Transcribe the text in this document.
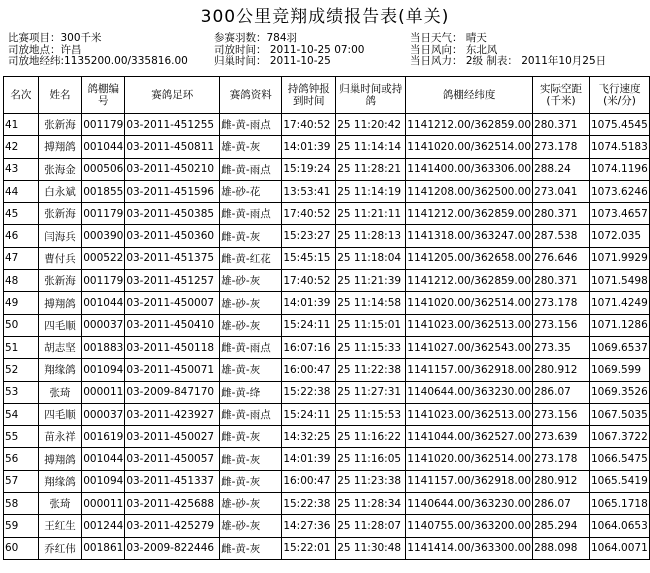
300公里竞翔成绩报告表(单关)
比赛项目：300千米
司放地点：许昌
司放地经纬:1135200.00/335816.00
参赛羽数：784羽
司放时间： 2011-10-25 07:00
归巢时间： 2011-10-25
当日天气： 晴天
当日风向： 东北风
当日风力： 2级 制表： 2011年10月25日
名次	姓名	鸽棚编号	赛鸽足环	赛鸽资料	持鸽钟报到时间	归巢时间或持鸽	鸽棚经纬度	实际空距(千米)	飞行速度(米/分)
41	张新海	001179	03-2011-451255	雌-黄-雨点	17:40:52	25 11:20:42	1141212.00/362859.00	280.371	1075.4545
42	搏翔鸽	001044	03-2011-450811	雄-黄-灰	14:01:39	25 11:14:14	1141020.00/362514.00	273.178	1074.5183
43	张海金	000506	03-2011-450210	雌-黄-雨点	15:19:24	25 11:28:21	1141400.00/363306.00	288.24	1074.1196
44	白永斌	001855	03-2011-451596	雄-砂-花	13:53:41	25 11:14:19	1141208.00/362500.00	273.041	1073.6246
45	张新海	001179	03-2011-450385	雌-黄-雨点	17:40:52	25 11:21:11	1141212.00/362859.00	280.371	1073.4657
46	闫海兵	000390	03-2011-450360	雌-黄-灰	15:23:27	25 11:28:13	1141318.00/363247.00	287.538	1072.035
47	曹付兵	000522	03-2011-451375	雌-黄-红花	15:45:15	25 11:18:04	1141205.00/362658.00	276.646	1071.9929
48	张新海	001179	03-2011-451257	雄-砂-灰	17:40:52	25 11:21:39	1141212.00/362859.00	280.371	1071.5498
49	搏翔鸽	001044	03-2011-450007	雄-砂-灰	14:01:39	25 11:14:58	1141020.00/362514.00	273.178	1071.4249
50	四毛顺	000037	03-2011-450410	雄-砂-灰	15:24:11	25 11:15:01	1141023.00/362513.00	273.156	1071.1286
51	胡志坚	001883	03-2011-450118	雌-黄-雨点	16:07:16	25 11:15:33	1141027.00/362543.00	273.35	1069.6537
52	翔缘鸽	001094	03-2011-450071	雄-黄-灰	16:00:47	25 11:22:38	1141157.00/362918.00	280.912	1069.599
53	张琦	000011	03-2009-847170	雌-黄-绛	15:22:38	25 11:27:31	1140644.00/363230.00	286.07	1069.3526
54	四毛顺	000037	03-2011-423927	雌-黄-雨点	15:24:11	25 11:15:53	1141023.00/362513.00	273.156	1067.5035
55	苗永祥	001619	03-2011-450027	雌-黄-灰	14:32:25	25 11:16:22	1141044.00/362527.00	273.639	1067.3722
56	搏翔鸽	001044	03-2011-450057	雌-黄-灰	14:01:39	25 11:16:05	1141020.00/362514.00	273.178	1066.5475
57	翔缘鸽	001094	03-2011-451337	雌-黄-灰	16:00:47	25 11:23:38	1141157.00/362918.00	280.912	1065.5419
58	张琦	000011	03-2011-425688	雄-砂-灰	15:22:38	25 11:28:34	1140644.00/363230.00	286.07	1065.1718
59	王红生	001244	03-2011-425279	雄-砂-灰	14:27:36	25 11:28:07	1140755.00/363200.00	285.294	1064.0653
60	乔红伟	001861	03-2009-822446	雌-黄-灰	15:22:01	25 11:30:48	1141414.00/363300.00	288.098	1064.0071
